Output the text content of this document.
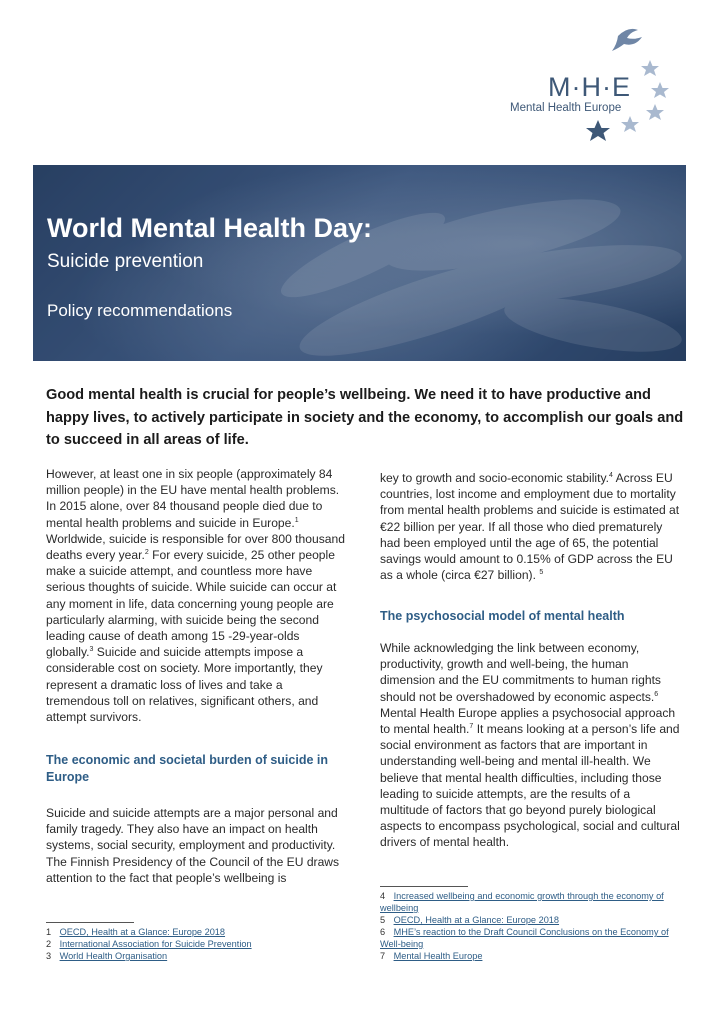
M·H·E
Mental Health Europe
World Mental Health Day:
Suicide prevention
Policy recommendations
Good mental health is crucial for people’s wellbeing. We need it to have productive and happy lives, to actively participate in society and the economy, to accomplish our goals and to succeed in all areas of life.

However, at least one in six people (approximately 84 million people) in the EU have mental health problems. In 2015 alone, over 84 thousand people died due to mental health problems and suicide in Europe.$^1$ Worldwide, suicide is responsible for over 800 thousand deaths every year.$^2$ For every suicide, 25 other people make a suicide attempt, and countless more have serious thoughts of suicide. While suicide can occur at any moment in life, data concerning young people are particularly alarming, with suicide being the second leading cause of death among 15 -29-year-olds globally.$^3$ Suicide and suicide attempts impose a considerable cost on society. More importantly, they represent a dramatic loss of lives and take a tremendous toll on relatives, significant others, and attempt survivors.

The economic and societal burden of suicide in Europe

Suicide and suicide attempts are a major personal and family tragedy. They also have an impact on health systems, social security, employment and productivity. The Finnish Presidency of the Council of the EU draws attention to the fact that people’s wellbeing is

key to growth and socio-economic stability.$^4$ Across EU countries, lost income and employment due to mortality from mental health problems and suicide is estimated at €22 billion per year. If all those who died prematurely had been employed until the age of 65, the potential savings would amount to 0.15% of GDP across the EU as a whole (circa €27 billion). $^5$

The psychosocial model of mental health

While acknowledging the link between economy, productivity, growth and well-being, the human dimension and the EU commitments to human rights should not be overshadowed by economic aspects.$^6$ Mental Health Europe applies a psychosocial approach to mental health.$^7$ It means looking at a person’s life and social environment as factors that are important in understanding well-being and mental ill-health. We believe that mental health difficulties, including those leading to suicide attempts, are the results of a multitude of factors that go beyond purely biological aspects to encompass psychological, social and cultural drivers of mental health.

1 OECD, Health at a Glance: Europe 2018
2 International Association for Suicide Prevention
3 World Health Organisation
4 Increased wellbeing and economic growth through the economy of wellbeing
5 OECD, Health at a Glance: Europe 2018
6 MHE’s reaction to the Draft Council Conclusions on the Economy of Well-being
7 Mental Health Europe
